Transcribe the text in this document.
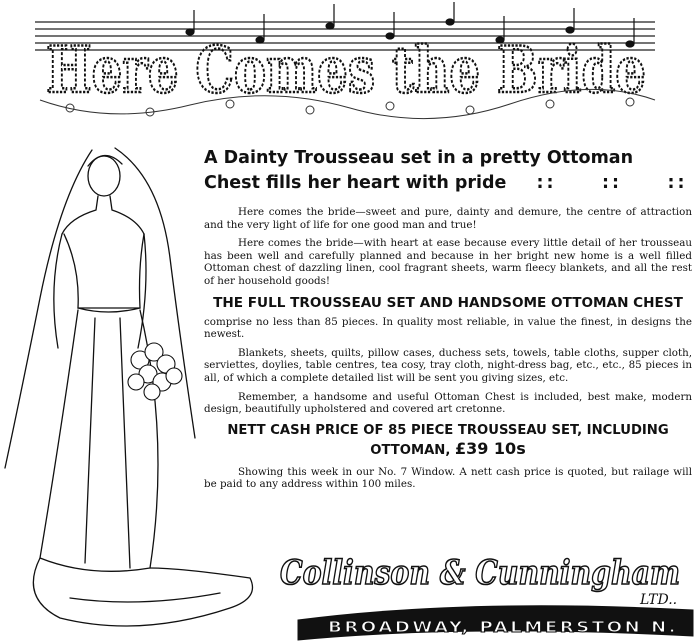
Here Comes the Bride

A Dainty Trousseau set in a pretty Ottoman

Chest fills her heart with pride ::     ::     ::

Here comes the bride—sweet and pure, dainty and demure, the centre of attraction and the very light of life for one good man and true!

Here comes the bride—with heart at ease because every little detail of her trousseau has been well and carefully planned and because in her bright new home is a well filled Ottoman chest of dazzling linen, cool fragrant sheets, warm fleecy blankets, and all the rest of her household goods!

THE FULL TROUSSEAU SET AND HANDSOME OTTOMAN CHEST

comprise no less than 85 pieces. In quality most reliable, in value the finest, in designs the newest.

Blankets, sheets, quilts, pillow cases, duchess sets, towels, table cloths, supper cloth, serviettes, doylies, table centres, tea cosy, tray cloth, night-dress bag, etc., etc., 85 pieces in all, of which a complete detailed list will be sent you giving sizes, etc.

Remember, a handsome and useful Ottoman Chest is included, best make, modern design, beautifully upholstered and covered art cretonne.

NETT CASH PRICE OF 85 PIECE TROUSSEAU SET, INCLUDING

OTTOMAN, £39 10s

Showing this week in our No. 7 Window. A nett cash price is quoted, but railage will be paid to any address within 100 miles.

Collinson & Cunningham
LTD..
BROADWAY, PALMERSTON N.
